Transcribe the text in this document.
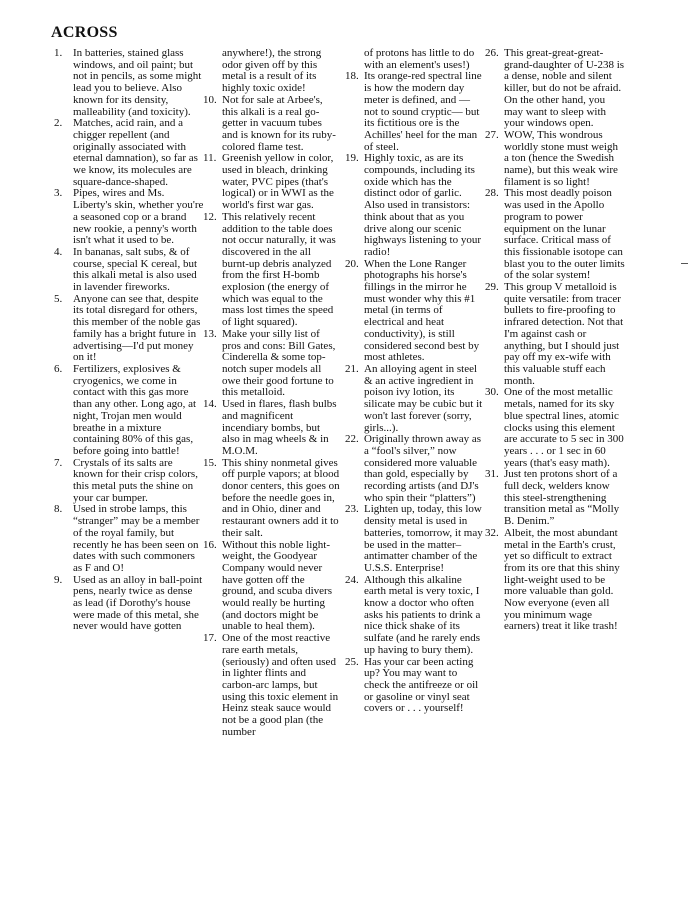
ACROSS
1. In batteries, stained glass windows, and oil paint; but not in pencils, as some might lead you to believe. Also known for its density, malleability (and toxicity).
2. Matches, acid rain, and a chigger repellent (and originally associated with eternal damnation), so far as we know, its molecules are square-dance-shaped.
3. Pipes, wires and Ms. Liberty's skin, whether you're a seasoned cop or a brand new rookie, a penny's worth isn't what it used to be.
4. In bananas, salt subs, & of course, special K cereal, but this alkali metal is also used in lavender fireworks.
5. Anyone can see that, despite its total disregard for others, this member of the noble gas family has a bright future in advertising—I'd put money on it!
6. Fertilizers, explosives & cryogenics, we come in contact with this gas more than any other. Long ago, at night, Trojan men would breathe in a mixture containing 80% of this gas, before going into battle!
7. Crystals of its salts are known for their crisp colors, this metal puts the shine on your car bumper.
8. Used in strobe lamps, this “stranger” may be a member of the royal family, but recently he has been seen on dates with such commoners as F and O!
9. Used as an alloy in ball-point pens, nearly twice as dense as lead (if Dorothy's house were made of this metal, she never would have gotten
anywhere!), the strong odor given off by this metal is a result of its highly toxic oxide!
10. Not for sale at Arbee's, this alkali is a real go-getter in vacuum tubes and is known for its ruby-colored flame test.
11. Greenish yellow in color, used in bleach, drinking water, PVC pipes (that's logical) or in WWI as the world's first war gas.
12. This relatively recent addition to the table does not occur naturally, it was discovered in the all burnt-up debris analyzed from the first H-bomb explosion (the energy of which was equal to the mass lost times the speed of light squared).
13. Make your silly list of pros and cons: Bill Gates, Cinderella & some top-notch super models all owe their good fortune to this metalloid.
14. Used in flares, flash bulbs and magnificent incendiary bombs, but also in mag wheels & in M.O.M.
15. This shiny nonmetal gives off purple vapors; at blood donor centers, this goes on before the needle goes in, and in Ohio, diner and restaurant owners add it to their salt.
16. Without this noble light-weight, the Goodyear Company would never have gotten off the ground, and scuba divers would really be hurting (and doctors might be unable to heal them).
17. One of the most reactive rare earth metals, (seriously) and often used in lighter flints and carbon-arc lamps, but using this toxic element in Heinz steak sauce would not be a good plan (the number
of protons has little to do with an element's uses!)
18. Its orange-red spectral line is how the modern day meter is defined, and —not to sound cryptic— but its fictitious ore is the Achilles' heel for the man of steel.
19. Highly toxic, as are its compounds, including its oxide which has the distinct odor of garlic. Also used in transistors: think about that as you drive along our scenic highways listening to your radio!
20. When the Lone Ranger photographs his horse's fillings in the mirror he must wonder why this #1 metal (in terms of electrical and heat conductivity), is still considered second best by most athletes.
21. An alloying agent in steel & an active ingredient in poison ivy lotion, its silicate may be cubic but it won't last forever (sorry, girls...).
22. Originally thrown away as a “fool's silver,” now considered more valuable than gold, especially by recording artists (and DJ's who spin their “platters”)
23. Lighten up, today, this low density metal is used in batteries, tomorrow, it may be used in the matter–antimatter chamber of the U.S.S. Enterprise!
24. Although this alkaline earth metal is very toxic, I know a doctor who often asks his patients to drink a nice thick shake of its sulfate (and he rarely ends up having to bury them).
25. Has your car been acting up? You may want to check the antifreeze or oil or gasoline or vinyl seat covers or . . . yourself!
26. This great-great-great-grand-daughter of U-238 is a dense, noble and silent killer, but do not be afraid. On the other hand, you may want to sleep with your windows open.
27. WOW, This wondrous worldly stone must weigh a ton (hence the Swedish name), but this weak wire filament is so light!
28. This most deadly poison was used in the Apollo program to power equipment on the lunar surface. Critical mass of this fissionable isotope can blast you to the outer limits of the solar system!
29. This group V metalloid is quite versatile: from tracer bullets to fire-proofing to infrared detection. Not that I'm against cash or anything, but I should just pay off my ex-wife with this valuable stuff each month.
30. One of the most metallic metals, named for its sky blue spectral lines, atomic clocks using this element are accurate to 5 sec in 300 years . . . or 1 sec in 60 years (that's easy math).
31. Just ten protons short of a full deck, welders know this steel-strengthening transition metal as “Molly B. Denim.”
32. Albeit, the most abundant metal in the Earth's crust, yet so difficult to extract from its ore that this shiny light-weight used to be more valuable than gold. Now everyone (even all you minimum wage earners) treat it like trash!
